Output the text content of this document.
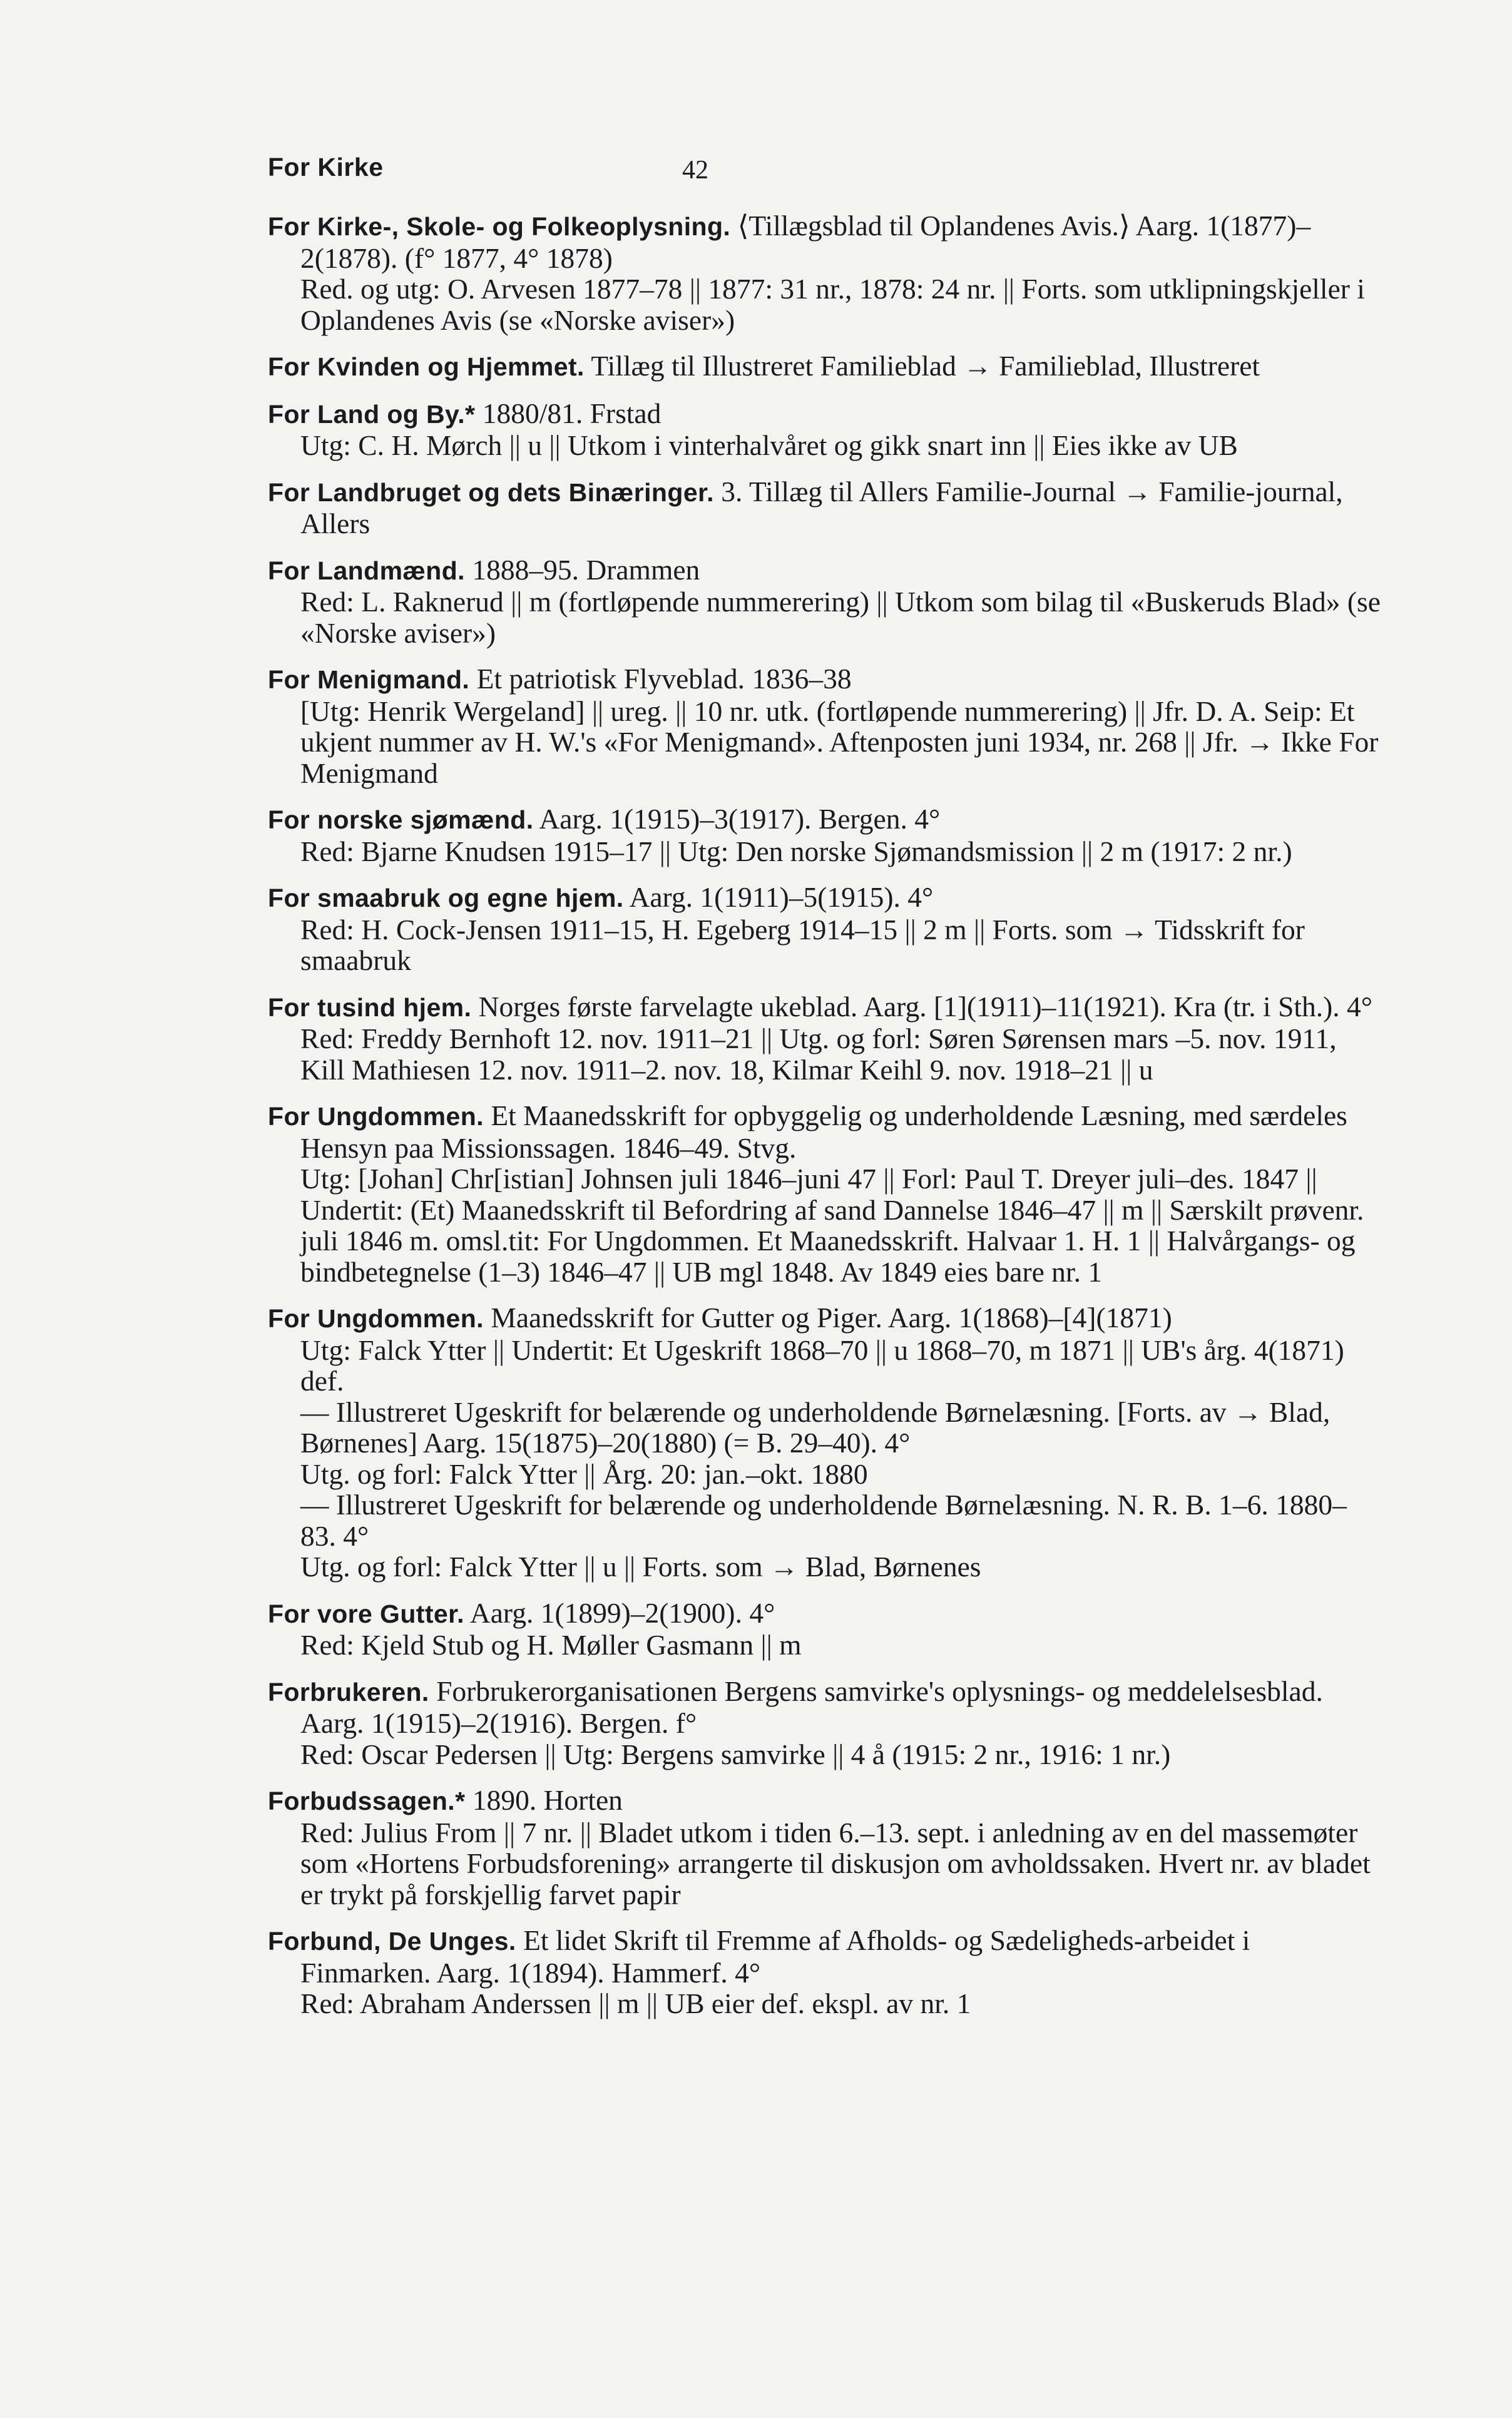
For Kirke	42

For Kirke-, Skole- og Folkeoplysning. ⟨Tillægsblad til Oplandenes Avis.⟩ Aarg. 1(1877)–2(1878). (f° 1877, 4° 1878)

Red. og utg: O. Arvesen 1877–78 || 1877: 31 nr., 1878: 24 nr. || Forts. som utklipningskjeller i Oplandenes Avis (se «Norske aviser»)

For Kvinden og Hjemmet. Tillæg til Illustreret Familieblad → Familieblad, Illustreret

For Land og By.* 1880/81. Frstad

Utg: C. H. Mørch || u || Utkom i vinterhalvåret og gikk snart inn || Eies ikke av UB

For Landbruget og dets Binæringer. 3. Tillæg til Allers Familie-Journal → Familie-journal, Allers

For Landmænd. 1888–95. Drammen

Red: L. Raknerud || m (fortløpende nummerering) || Utkom som bilag til «Buskeruds Blad» (se «Norske aviser»)

For Menigmand. Et patriotisk Flyveblad. 1836–38

[Utg: Henrik Wergeland] || ureg. || 10 nr. utk. (fortløpende nummerering) || Jfr. D. A. Seip: Et ukjent nummer av H. W.'s «For Menigmand». Aftenposten juni 1934, nr. 268 || Jfr. → Ikke For Menigmand

For norske sjømænd. Aarg. 1(1915)–3(1917). Bergen. 4°

Red: Bjarne Knudsen 1915–17 || Utg: Den norske Sjømandsmission || 2 m (1917: 2 nr.)

For smaabruk og egne hjem. Aarg. 1(1911)–5(1915). 4°

Red: H. Cock-Jensen 1911–15, H. Egeberg 1914–15 || 2 m || Forts. som → Tidsskrift for smaabruk

For tusind hjem. Norges første farvelagte ukeblad. Aarg. [1](1911)–11(1921). Kra (tr. i Sth.). 4°

Red: Freddy Bernhoft 12. nov. 1911–21 || Utg. og forl: Søren Sørensen mars –5. nov. 1911, Kill Mathiesen 12. nov. 1911–2. nov. 18, Kilmar Keihl 9. nov. 1918–21 || u

For Ungdommen. Et Maanedsskrift for opbyggelig og underholdende Læsning, med særdeles Hensyn paa Missionssagen. 1846–49. Stvg.

Utg: [Johan] Chr[istian] Johnsen juli 1846–juni 47 || Forl: Paul T. Dreyer juli–des. 1847 || Undertit: (Et) Maanedsskrift til Befordring af sand Dannelse 1846–47 || m || Særskilt prøvenr. juli 1846 m. omsl.tit: For Ungdommen. Et Maanedsskrift. Halvaar 1. H. 1 || Halvårgangs- og bindbetegnelse (1–3) 1846–47 || UB mgl 1848. Av 1849 eies bare nr. 1

For Ungdommen. Maanedsskrift for Gutter og Piger. Aarg. 1(1868)–[4](1871)

Utg: Falck Ytter || Undertit: Et Ugeskrift 1868–70 || u 1868–70, m 1871 || UB's årg. 4(1871) def.

— Illustreret Ugeskrift for belærende og underholdende Børnelæsning. [Forts. av → Blad, Børnenes] Aarg. 15(1875)–20(1880) (= B. 29–40). 4°

Utg. og forl: Falck Ytter || Årg. 20: jan.–okt. 1880

— Illustreret Ugeskrift for belærende og underholdende Børnelæsning. N. R. B. 1–6. 1880–83. 4°

Utg. og forl: Falck Ytter || u || Forts. som → Blad, Børnenes

For vore Gutter. Aarg. 1(1899)–2(1900). 4°

Red: Kjeld Stub og H. Møller Gasmann || m

Forbrukeren. Forbrukerorganisationen Bergens samvirke's oplysnings- og meddelelsesblad. Aarg. 1(1915)–2(1916). Bergen. f°

Red: Oscar Pedersen || Utg: Bergens samvirke || 4 å (1915: 2 nr., 1916: 1 nr.)

Forbudssagen.* 1890. Horten

Red: Julius From || 7 nr. || Bladet utkom i tiden 6.–13. sept. i anledning av en del massemøter som «Hortens Forbudsforening» arrangerte til diskusjon om avholdssaken. Hvert nr. av bladet er trykt på forskjellig farvet papir

Forbund, De Unges. Et lidet Skrift til Fremme af Afholds- og Sædeligheds-arbeidet i Finmarken. Aarg. 1(1894). Hammerf. 4°

Red: Abraham Anderssen || m || UB eier def. ekspl. av nr. 1
